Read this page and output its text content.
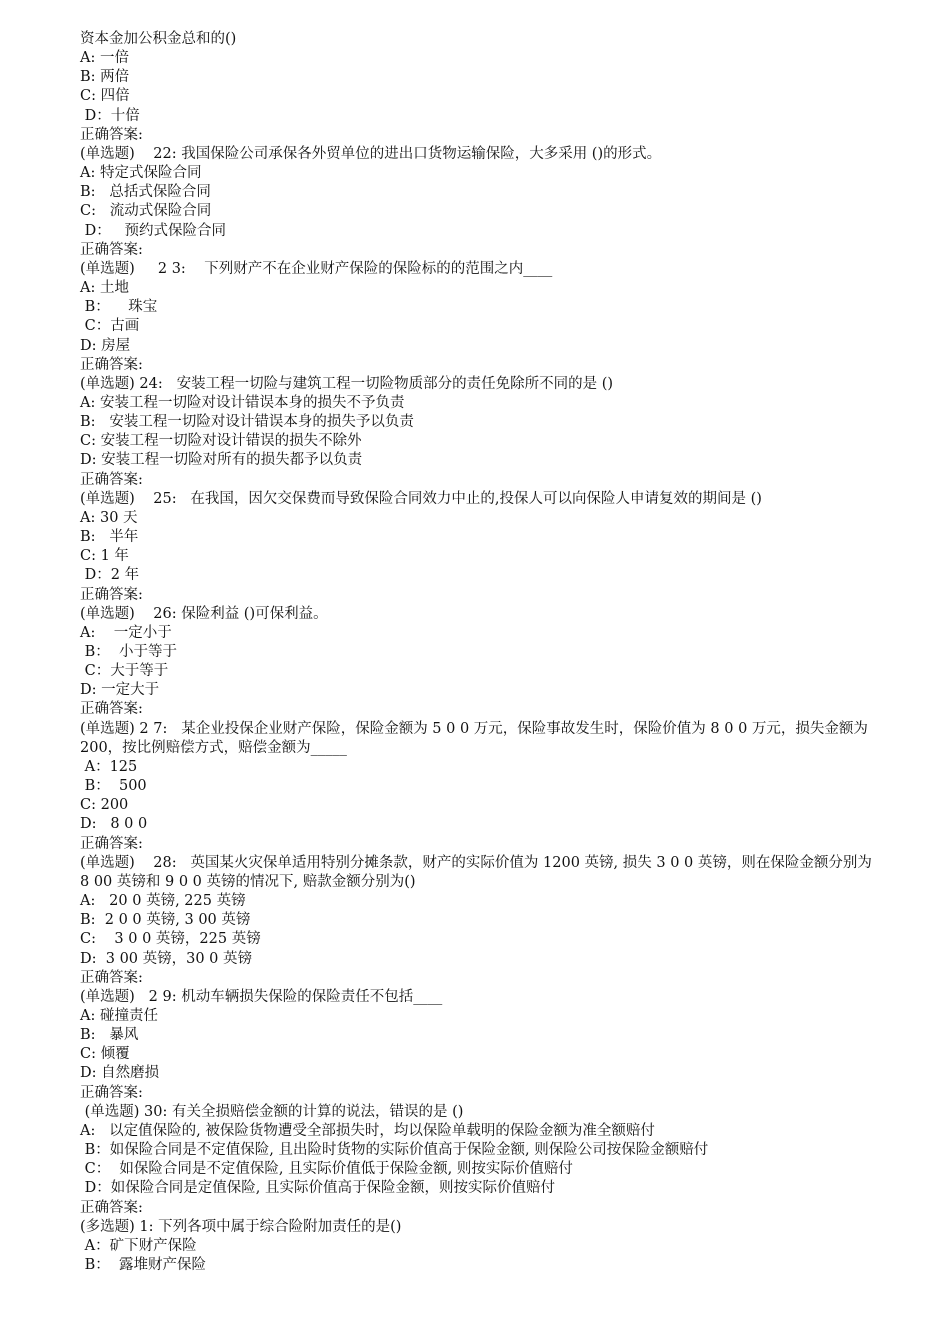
资本金加公积金总和的()

A: 一倍

B: 两倍

C: 四倍

D：十倍

正确答案:

(单选题)    22: 我国保险公司承保各外贸单位的进出口货物运输保险，大多采用 ()的形式。

A: 特定式保险合同

B:   总括式保险合同

C:   流动式保险合同

D：   预约式保险合同

正确答案:

(单选题)     2 3:    下列财产不在企业财产保险的保险标的的范围之内____

A: 土地

B：    珠宝

C：古画

D: 房屋

正确答案:

(单选题) 24:   安装工程一切险与建筑工程一切险物质部分的责任免除所不同的是 ()

A: 安装工程一切险对设计错误本身的损失不予负责

B:   安装工程一切险对设计错误本身的损失予以负责

C: 安装工程一切险对设计错误的损失不除外

D: 安装工程一切险对所有的损失都予以负责

正确答案:

(单选题)    25:   在我国，因欠交保费而导致保险合同效力中止的,投保人可以向保险人申请复效的期间是 ()

A: 30 天

B:   半年

C: 1 年

D：2 年

正确答案:

(单选题)    26: 保险利益 ()可保利益。

A:    一定小于

B：  小于等于

C：大于等于

D: 一定大于

正确答案:

(单选题) 2 7:   某企业投保企业财产保险，保险金额为 5 0 0 万元，保险事故发生时，保险价值为 8 0 0 万元，损失金额为 200，按比例赔偿方式，赔偿金额为_____

A：125

B：  500

C: 200

D:   8 0 0

正确答案:

(单选题)    28:   英国某火灾保单适用特别分摊条款，财产的实际价值为 1200 英镑, 损失 3 0 0 英镑，则在保险金额分别为 8 00 英镑和 9 0 0 英镑的情况下, 赔款金额分别为()

A:   20 0 英镑, 225 英镑

B:  2 0 0 英镑, 3 00 英镑

C:    3 0 0 英镑，225 英镑

D:  3 00 英镑，30 0 英镑

正确答案:

(单选题)   2 9: 机动车辆损失保险的保险责任不包括____

A: 碰撞责任

B:   暴风

C: 倾覆

D: 自然磨损

正确答案:

(单选题) 30: 有关全损赔偿金额的计算的说法，错误的是 ()

A:   以定值保险的, 被保险货物遭受全部损失时，均以保险单载明的保险金额为准全额赔付

B：如保险合同是不定值保险, 且出险时货物的实际价值高于保险金额, 则保险公司按保险金额赔付

C：  如保险合同是不定值保险, 且实际价值低于保险金额, 则按实际价值赔付

D：如保险合同是定值保险, 且实际价值高于保险金额，则按实际价值赔付

正确答案:

(多选题) 1: 下列各项中属于综合险附加责任的是()

A：矿下财产保险

B：  露堆财产保险
